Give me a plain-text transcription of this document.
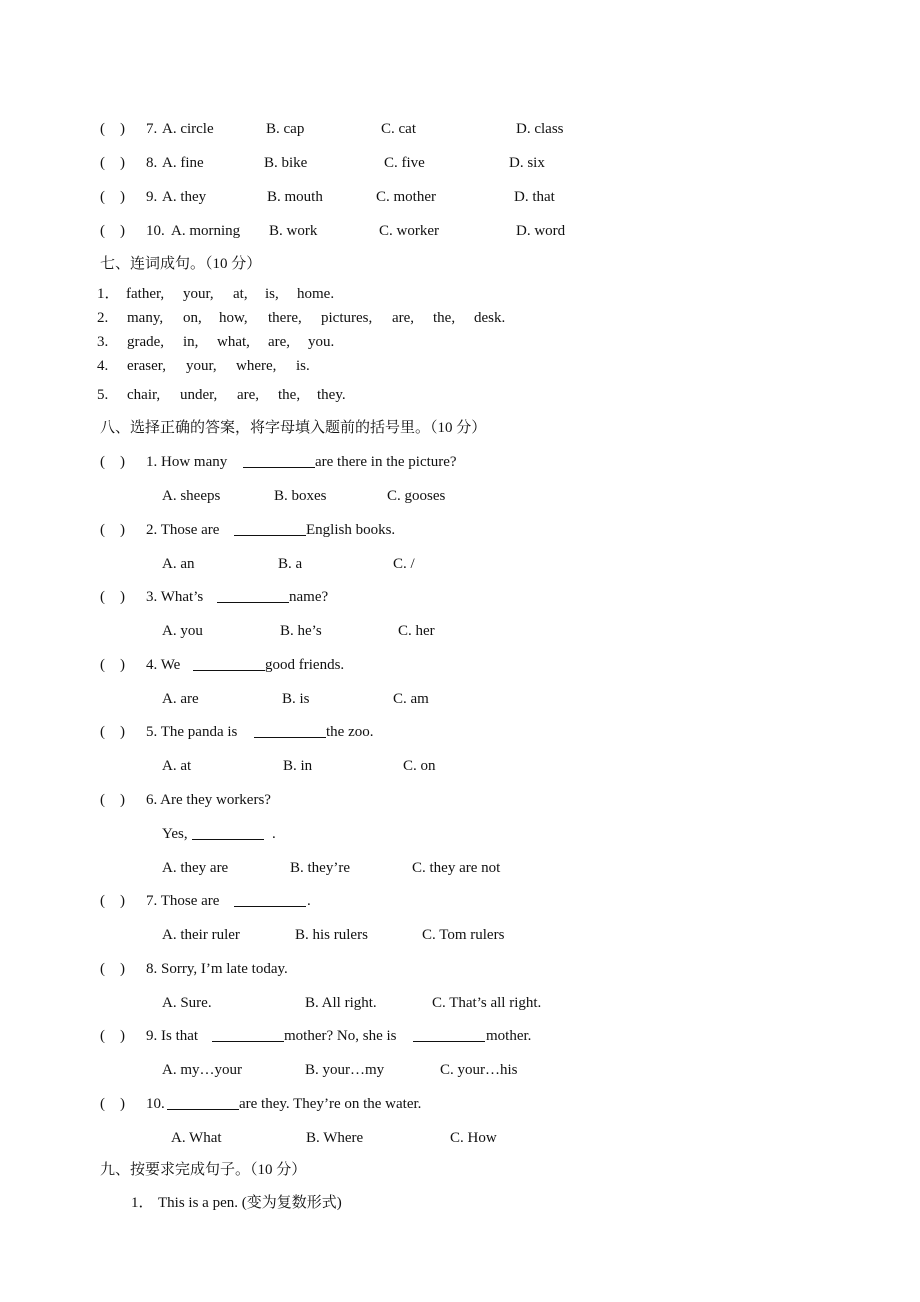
(    ) 7. A. circle	B. cap	C. cat	D. class
(    ) 8. A. fine	B. bike	C. five	D. six
(    ) 9. A. they	B. mouth	C. mother	D. that
(    ) 10. A. morning B. work	C. worker	D. word
七、连词成句。（10 分）
1． father, your, at, is, home.
2. many, on, how, there, pictures, are, the, desk.
3. grade, in, what, are, you.
4. eraser, your, where, is.
5. chair, under, are, the, they.
八、选择正确的答案，将字母填入题前的括号里。（10 分）
(    ) 1. How many	are there in the picture?
A. sheeps	B. boxes	C. gooses
(    ) 2. Those are	English books.
A. an	B. a	C. /
(    ) 3. What’s	name?
A. you	B. he’s	C. her
(    ) 4. We	good friends.
A. are	B. is	C. am
(    ) 5. The panda is	the zoo.
A. at	B. in	C. on
(    ) 6. Are they workers?
Yes,	.
A. they are	B. they’re	C. they are not
(    ) 7. Those are	.
A. their ruler	B. his rulers	C. Tom rulers
(    ) 8. Sorry, I’m late today.
A. Sure.	B. All right.	C. That’s all right.
(    ) 9. Is that	mother? No, she is	mother.
A. my…your	B. your…my	C. your…his
(    ) 10.	are they. They’re on the water.
A. What	B. Where	C. How
九、按要求完成句子。（10 分）
1． This is a pen. (变为复数形式)
